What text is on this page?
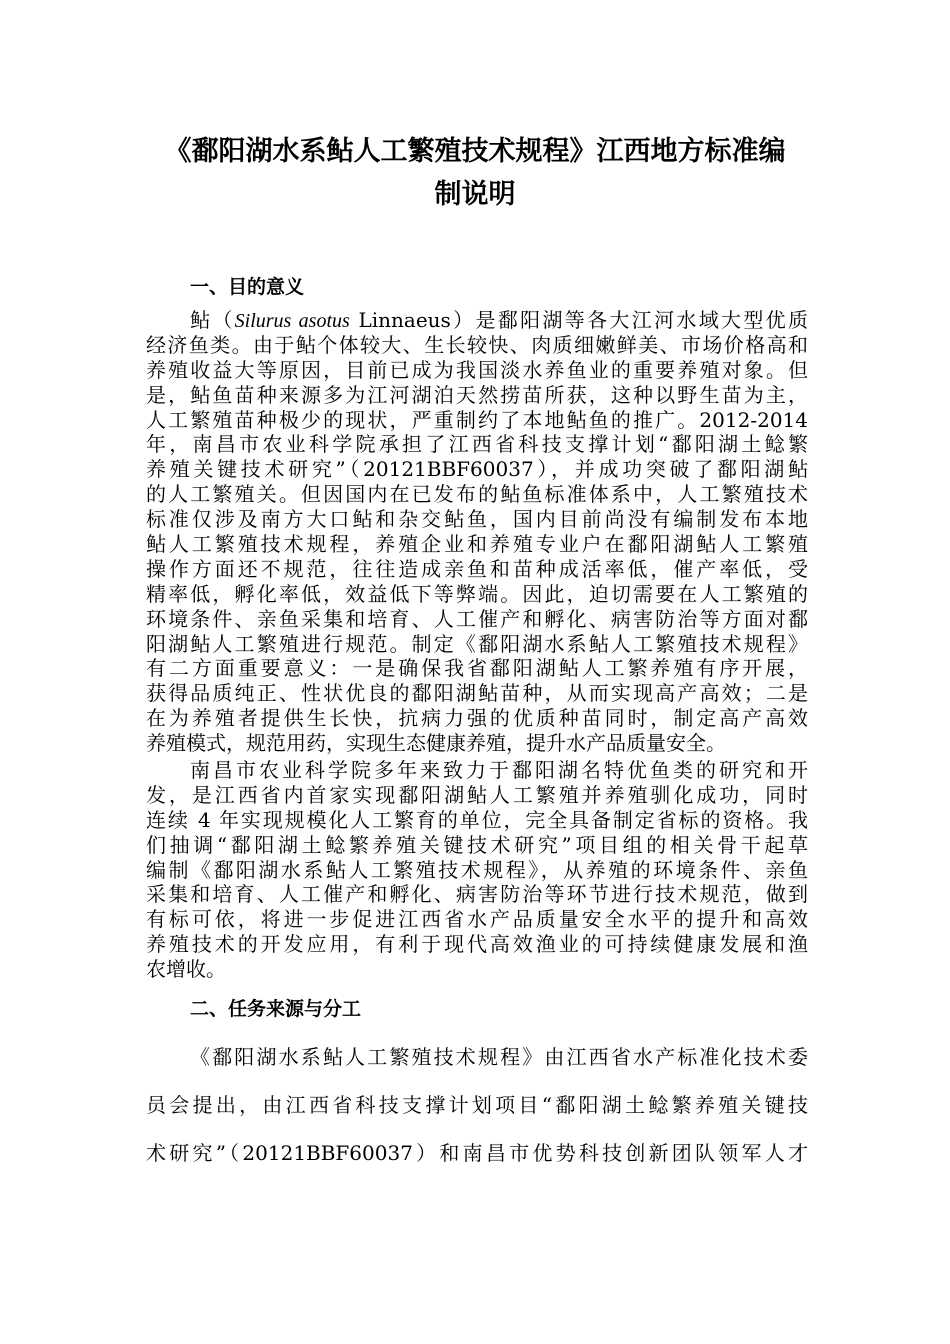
《鄱阳湖水系鲇人工繁殖技术规程》江西地方标准编
制说明
一、目的意义
鲇（Silurus asotus Linnaeus）是鄱阳湖等各大江河水域大型优质
经济鱼类。由于鲇个体较大、生长较快、肉质细嫩鲜美、市场价格高和
养殖收益大等原因，目前已成为我国淡水养鱼业的重要养殖对象。但
是，鲇鱼苗种来源多为江河湖泊天然捞苗所获，这种以野生苗为主，
人工繁殖苗种极少的现状，严重制约了本地鲇鱼的推广。2012-2014
年，南昌市农业科学院承担了江西省科技支撑计划“鄱阳湖土鲶繁
养殖关键技术研究”（20121BBF60037），并成功突破了鄱阳湖鲇
的人工繁殖关。但因国内在已发布的鲇鱼标准体系中，人工繁殖技术
标准仅涉及南方大口鲇和杂交鲇鱼，国内目前尚没有编制发布本地
鲇人工繁殖技术规程，养殖企业和养殖专业户在鄱阳湖鲇人工繁殖
操作方面还不规范，往往造成亲鱼和苗种成活率低，催产率低，受
精率低，孵化率低，效益低下等弊端。因此，迫切需要在人工繁殖的
环境条件、亲鱼采集和培育、人工催产和孵化、病害防治等方面对鄱
阳湖鲇人工繁殖进行规范。制定《鄱阳湖水系鲇人工繁殖技术规程》
有二方面重要意义：一是确保我省鄱阳湖鲇人工繁养殖有序开展，
获得品质纯正、性状优良的鄱阳湖鲇苗种，从而实现高产高效；二是
在为养殖者提供生长快，抗病力强的优质种苗同时，制定高产高效
养殖模式，规范用药，实现生态健康养殖，提升水产品质量安全。
南昌市农业科学院多年来致力于鄱阳湖名特优鱼类的研究和开
发，是江西省内首家实现鄱阳湖鲇人工繁殖并养殖驯化成功，同时
连续 4 年实现规模化人工繁育的单位，完全具备制定省标的资格。我
们抽调“鄱阳湖土鲶繁养殖关键技术研究”项目组的相关骨干起草
编制《鄱阳湖水系鲇人工繁殖技术规程》，从养殖的环境条件、亲鱼
采集和培育、人工催产和孵化、病害防治等环节进行技术规范，做到
有标可依，将进一步促进江西省水产品质量安全水平的提升和高效
养殖技术的开发应用，有利于现代高效渔业的可持续健康发展和渔
农增收。
二、任务来源与分工
《鄱阳湖水系鲇人工繁殖技术规程》由江西省水产标准化技术委
员会提出，由江西省科技支撑计划项目“鄱阳湖土鲶繁养殖关键技
术研究”（20121BBF60037）和南昌市优势科技创新团队领军人才
